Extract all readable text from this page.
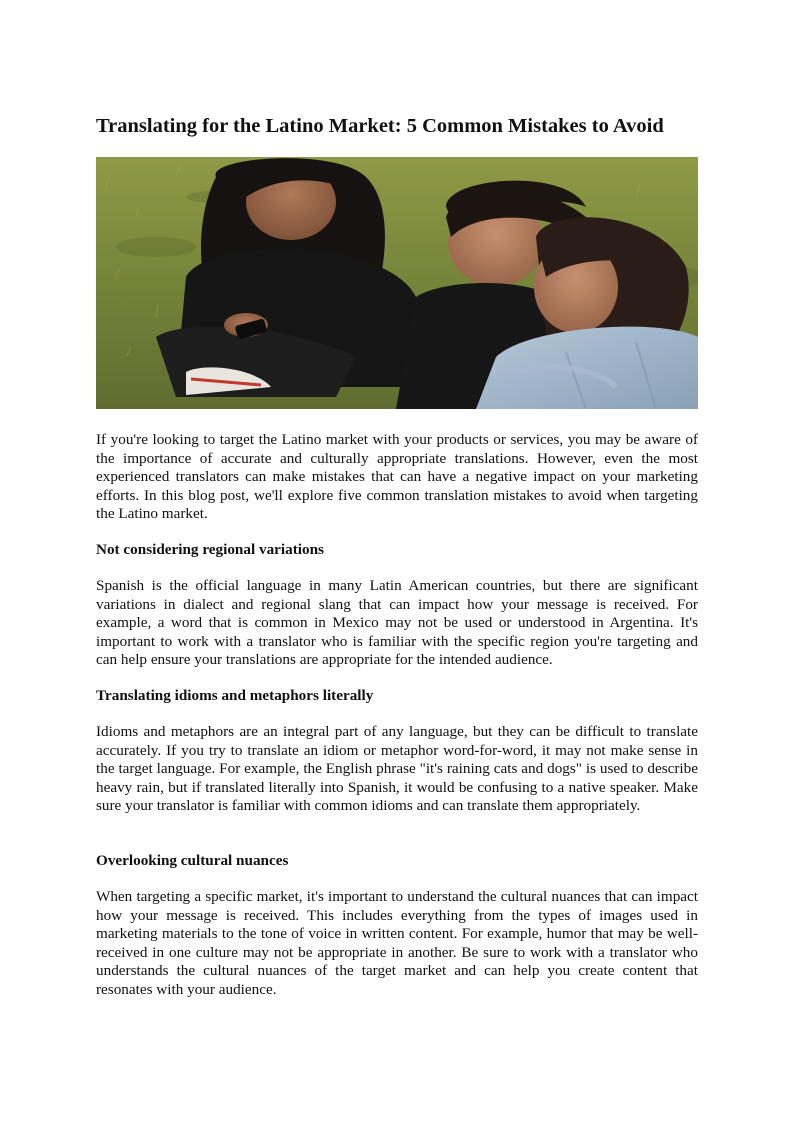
Translating for the Latino Market: 5 Common Mistakes to Avoid

If you're looking to target the Latino market with your products or services, you may be aware of the importance of accurate and culturally appropriate translations. However, even the most experienced translators can make mistakes that can have a negative impact on your marketing efforts. In this blog post, we'll explore five common translation mistakes to avoid when targeting the Latino market.

Not considering regional variations

Spanish is the official language in many Latin American countries, but there are significant variations in dialect and regional slang that can impact how your message is received. For example, a word that is common in Mexico may not be used or understood in Argentina. It's important to work with a translator who is familiar with the specific region you're targeting and can help ensure your translations are appropriate for the intended audience.

Translating idioms and metaphors literally

Idioms and metaphors are an integral part of any language, but they can be difficult to translate accurately. If you try to translate an idiom or metaphor word-for-word, it may not make sense in the target language. For example, the English phrase "it's raining cats and dogs" is used to describe heavy rain, but if translated literally into Spanish, it would be confusing to a native speaker. Make sure your translator is familiar with common idioms and can translate them appropriately.

Overlooking cultural nuances

When targeting a specific market, it's important to understand the cultural nuances that can impact how your message is received. This includes everything from the types of images used in marketing materials to the tone of voice in written content. For example, humor that may be well-received in one culture may not be appropriate in another. Be sure to work with a translator who understands the cultural nuances of the target market and can help you create content that resonates with your audience.
